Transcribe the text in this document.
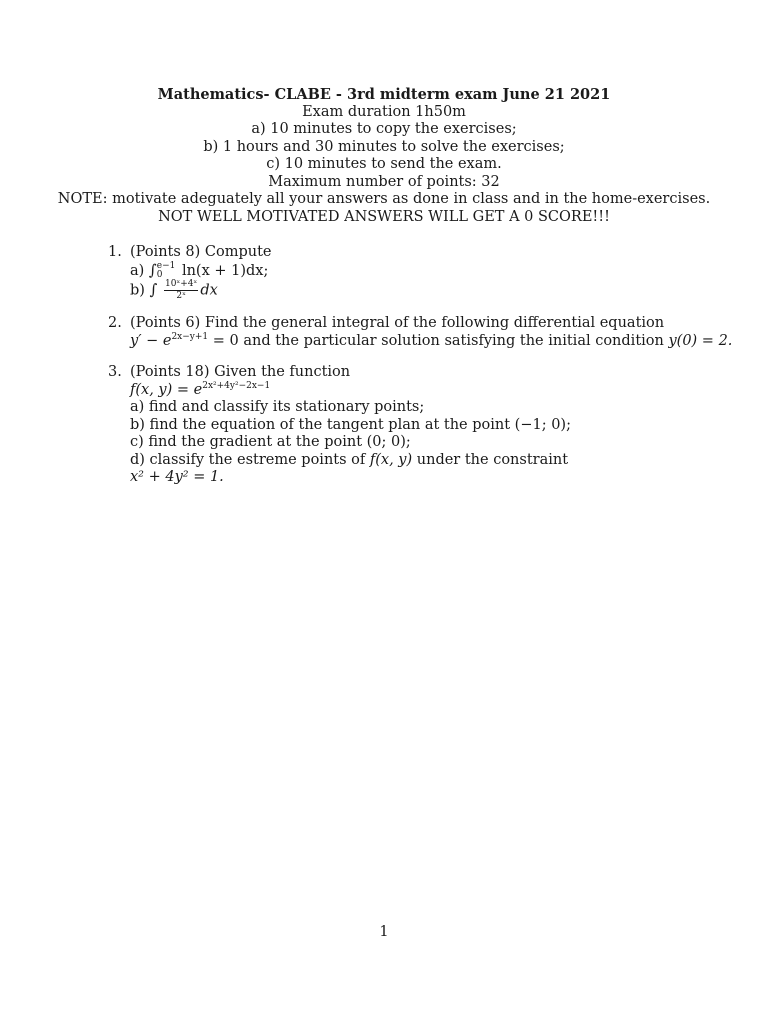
Mathematics- CLABE - 3rd midterm exam June 21 2021
Exam duration 1h50m
a) 10 minutes to copy the exercises;
b) 1 hours and 30 minutes to solve the exercises;
c) 10 minutes to send the exam.
Maximum number of points: 32
NOTE: motivate adeguately all your answers as done in class and in the home-exercises.
NOT WELL MOTIVATED ANSWERS WILL GET A 0 SCORE!!!
1. (Points 8) Compute
a) ∫ e−1
0	ln(x + 1)dx;
b) ∫ $\frac{\text{10ˣ+4ˣ}}{\text{2ˣ}}$ dx
2. (Points 6) Find the general integral of the following differential equation
$y' - e^{2x-y+1} = 0$ and the particular solution satisfying the initial condition y(0) = 2.
3. (Points 18) Given the function
f(x, $y) = e^{2x^2+4y^2-2x-1}$
a) find and classify its stationary points;
b) find the equation of the tangent plan at the point (−1; 0);
c) find the gradient at the point (0; 0);
d) classify the estreme points of f(x, y) under the constraint
x² + 4y² = 1.
1
